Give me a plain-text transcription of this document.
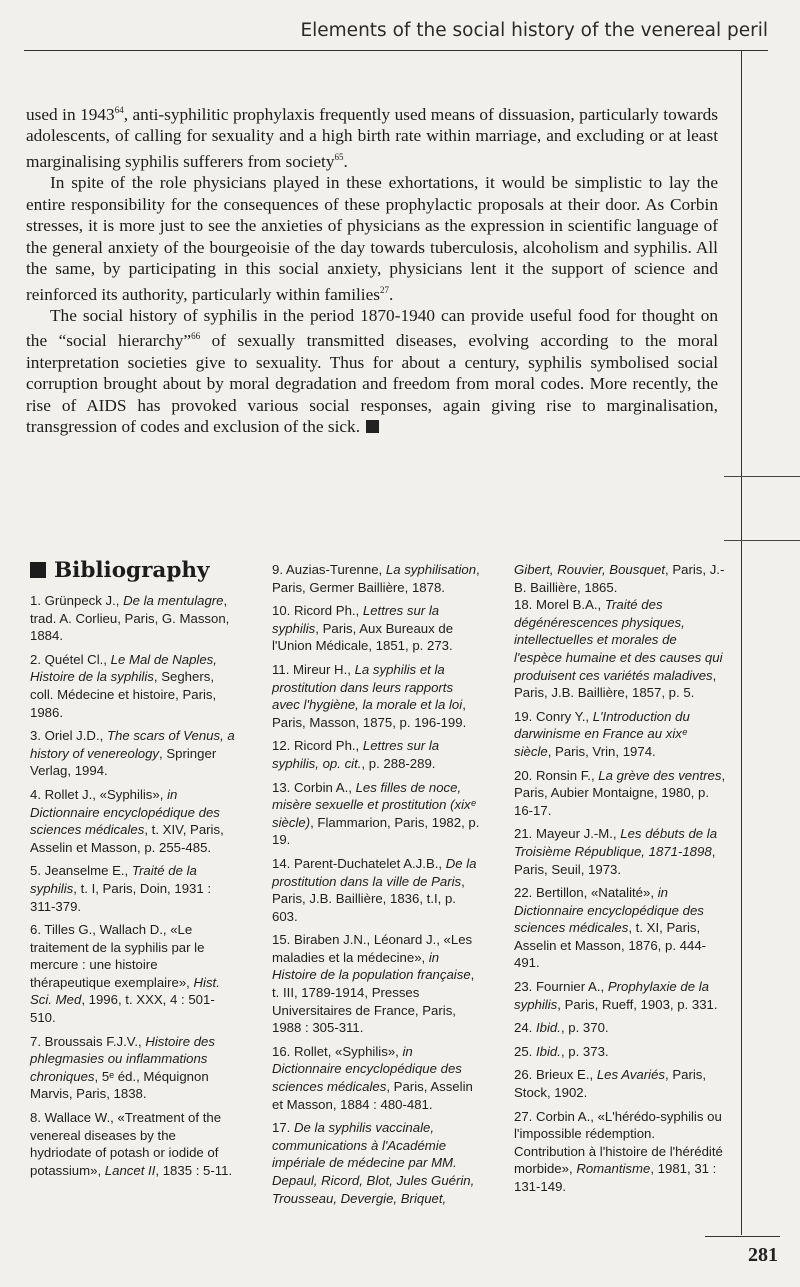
Elements of the social history of the venereal peril

used in 1943$^{64}$, anti-syphilitic prophylaxis frequently used means of dissuasion, particularly towards adolescents, of calling for sexuality and a high birth rate within marriage, and excluding or at least marginalising syphilis sufferers from society$^{65}$.

In spite of the role physicians played in these exhortations, it would be simplistic to lay the entire responsibility for the consequences of these prophylactic proposals at their door. As Corbin stresses, it is more just to see the anxieties of physicians as the expression in scientific language of the general anxiety of the bourgeoisie of the day towards tuberculosis, alcoholism and syphilis. All the same, by participating in this social anxiety, physicians lent it the support of science and reinforced its authority, particularly within families$^{27}$.

The social history of syphilis in the period 1870-1940 can provide useful food for thought on the “social hierarchy”$^{66}$ of sexually transmitted diseases, evolving according to the moral interpretation societies give to sexuality. Thus for about a century, syphilis symbolised social corruption brought about by moral degradation and freedom from moral codes. More recently, the rise of AIDS has provoked various social responses, again giving rise to marginalisation, transgression of codes and exclusion of the sick.

Bibliography

1. Grünpeck J., De la mentulagre, trad. A. Corlieu, Paris, G. Masson, 1884.

2. Quétel Cl., Le Mal de Naples, Histoire de la syphilis, Seghers, coll. Médecine et histoire, Paris, 1986.

3. Oriel J.D., The scars of Venus, a history of venereology, Springer Verlag, 1994.

4. Rollet J., «Syphilis», in Dictionnaire encyclopédique des sciences médicales, t. XIV, Paris, Asselin et Masson, p. 255-485.

5. Jeanselme E., Traité de la syphilis, t. I, Paris, Doin, 1931 : 311-379.

6. Tilles G., Wallach D., «Le traitement de la syphilis par le mercure : une histoire thérapeutique exemplaire», Hist. Sci. Med, 1996, t. XXX, 4 : 501-510.

7. Broussais F.J.V., Histoire des phlegmasies ou inflammations chroniques, 5ᵉ éd., Méquignon Marvis, Paris, 1838.

8. Wallace W., «Treatment of the venereal diseases by the hydriodate of potash or iodide of potassium», Lancet II, 1835 : 5-11.

9. Auzias-Turenne, La syphilisation, Paris, Germer Baillière, 1878.

10. Ricord Ph., Lettres sur la syphilis, Paris, Aux Bureaux de l'Union Médicale, 1851, p. 273.

11. Mireur H., La syphilis et la prostitution dans leurs rapports avec l'hygiène, la morale et la loi, Paris, Masson, 1875, p. 196-199.

12. Ricord Ph., Lettres sur la syphilis, op. cit., p. 288-289.

13. Corbin A., Les filles de noce, misère sexuelle et prostitution (xixᵉ siècle), Flammarion, Paris, 1982, p. 19.

14. Parent-Duchatelet A.J.B., De la prostitution dans la ville de Paris, Paris, J.B. Baillière, 1836, t.I, p. 603.

15. Biraben J.N., Léonard J., «Les maladies et la médecine», in Histoire de la population française, t. III, 1789-1914, Presses Universitaires de France, Paris, 1988 : 305-311.

16. Rollet, «Syphilis», in Dictionnaire encyclopédique des sciences médicales, Paris, Asselin et Masson, 1884 : 480-481.

17. De la syphilis vaccinale, communications à l'Académie impériale de médecine par MM. Depaul, Ricord, Blot, Jules Guérin, Trousseau, Devergie, Briquet,

Gibert, Rouvier, Bousquet, Paris, J.-B. Baillière, 1865.

18. Morel B.A., Traité des dégénérescences physiques, intellectuelles et morales de l'espèce humaine et des causes qui produisent ces variétés maladives, Paris, J.B. Baillière, 1857, p. 5.

19. Conry Y., L'Introduction du darwinisme en France au xixᵉ siècle, Paris, Vrin, 1974.

20. Ronsin F., La grève des ventres, Paris, Aubier Montaigne, 1980, p. 16-17.

21. Mayeur J.-M., Les débuts de la Troisième République, 1871-1898, Paris, Seuil, 1973.

22. Bertillon, «Natalité», in Dictionnaire encyclopédique des sciences médicales, t. XI, Paris, Asselin et Masson, 1876, p. 444-491.

23. Fournier A., Prophylaxie de la syphilis, Paris, Rueff, 1903, p. 331.

24. Ibid., p. 370.

25. Ibid., p. 373.

26. Brieux E., Les Avariés, Paris, Stock, 1902.

27. Corbin A., «L'hérédo-syphilis ou l'impossible rédemption. Contribution à l'histoire de l'hérédité morbide», Romantisme, 1981, 31 : 131-149.

281
